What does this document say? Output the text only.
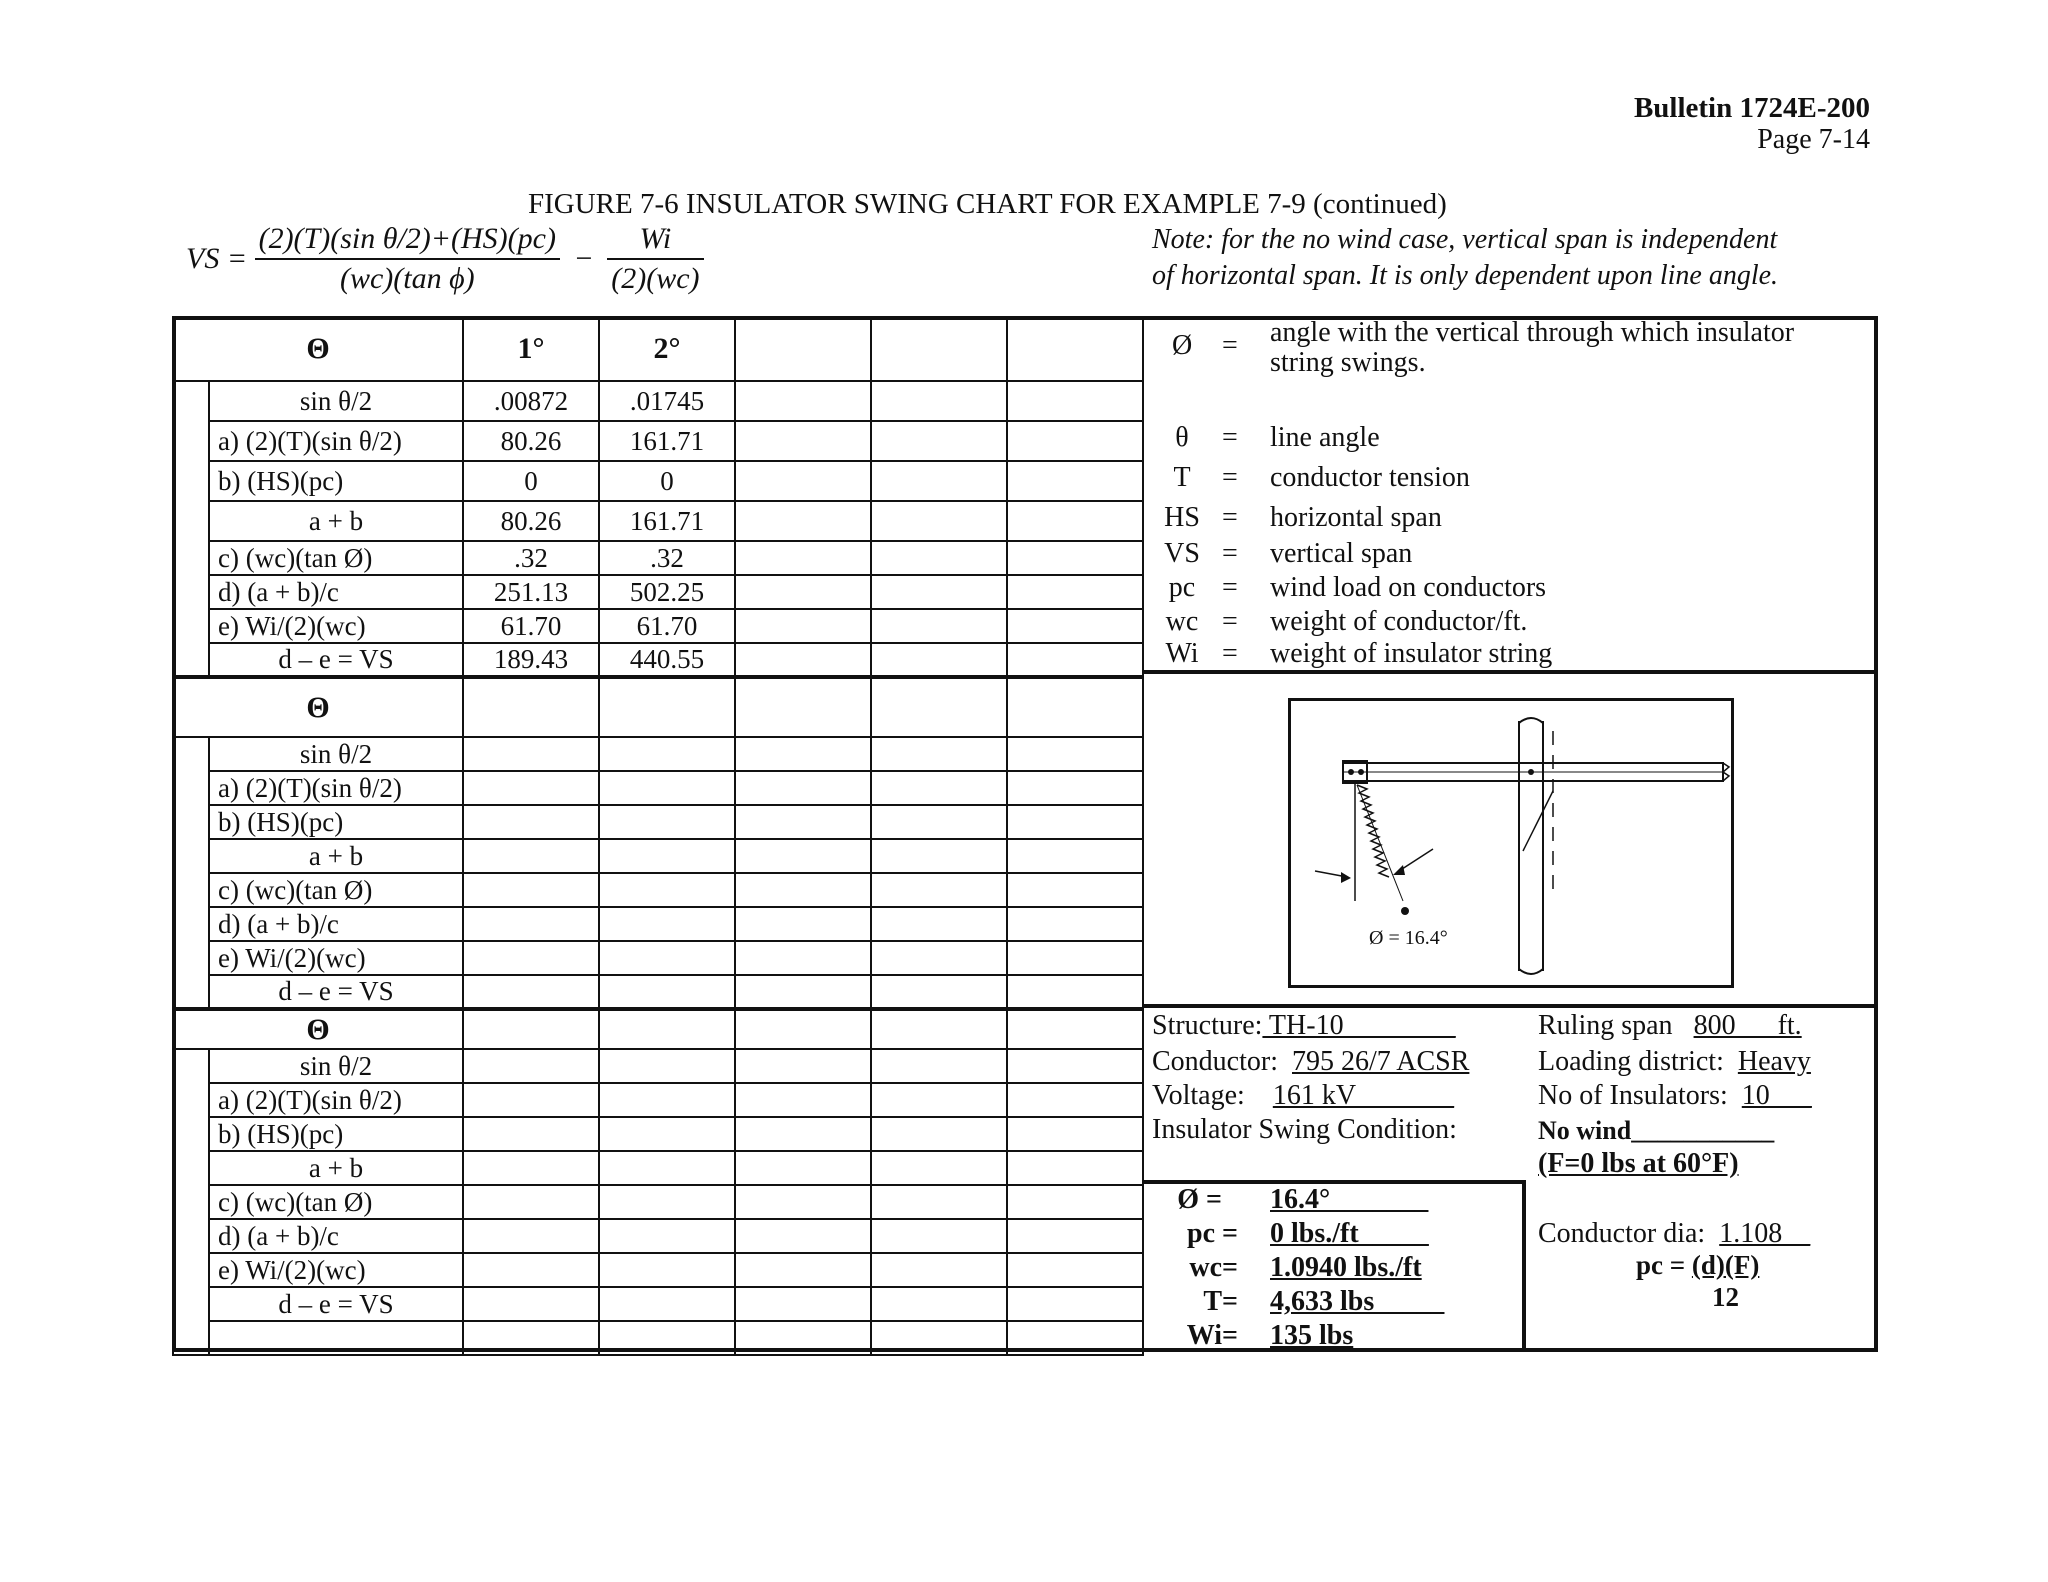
Bulletin 1724E-200
Page 7-14
FIGURE 7-6 INSULATOR SWING CHART FOR EXAMPLE 7-9 (continued)
VS = $\frac{\text{(2)(T)(sin θ/2)+(HS)(pc)}}{\text{(wc)(tan ϕ)}} - \frac{Wi}{(2)(wc)}$	Note: for the no wind case, vertical span is independent
of horizontal span. It is only dependent upon line angle.
Θ		1°	2°			
	sin θ/2	.00872	.01745			
	a) (2)(T)(sin θ/2)	80.26	161.71			
	b) (HS)(pc)	0	0			
	a + b	80.26	161.71			
	c) (wc)(tan Ø)	.32	.32			
	d) (a + b)/c	251.13	502.25			
	e) Wi/(2)(wc)	61.70	61.70			
	d – e = VS	189.43	440.55			
Θ						
	sin θ/2					
	a) (2)(T)(sin θ/2)					
	b) (HS)(pc)					
	a + b					
	c) (wc)(tan Ø)					
	d) (a + b)/c					
	e) Wi/(2)(wc)					
	d – e = VS					
Θ						
	sin θ/2					
	a) (2)(T)(sin θ/2)					
	b) (HS)(pc)					
	a + b					
	c) (wc)(tan Ø)					
	d) (a + b)/c					
	e) Wi/(2)(wc)					
	d – e = VS					

Ø = angle with the vertical through which insulator
string swings.
θ	= line angle
T	= conductor tension
HS = horizontal span
VS = vertical span
pc = wind load on conductors
wc = weight of conductor/ft.
Wi = weight of insulator string
Ø = 16.4°
Structure: TH-10________
Conductor: 795 26/7 ACSR
Voltage: 161 kV_______
Insulator Swing Condition:
Ruling span 800___ft.
Loading district: Heavy
No of Insulators: 10___
No wind___________
(F=0 lbs at 60°F)
Conductor dia: 1.108__
pc = (d)(F)
12
Ø = 16.4°_______
pc = 0 lbs./ft_____
wc= 1.0940 lbs./ft
T= 4,633 lbs_____
Wi= 135 lbs
